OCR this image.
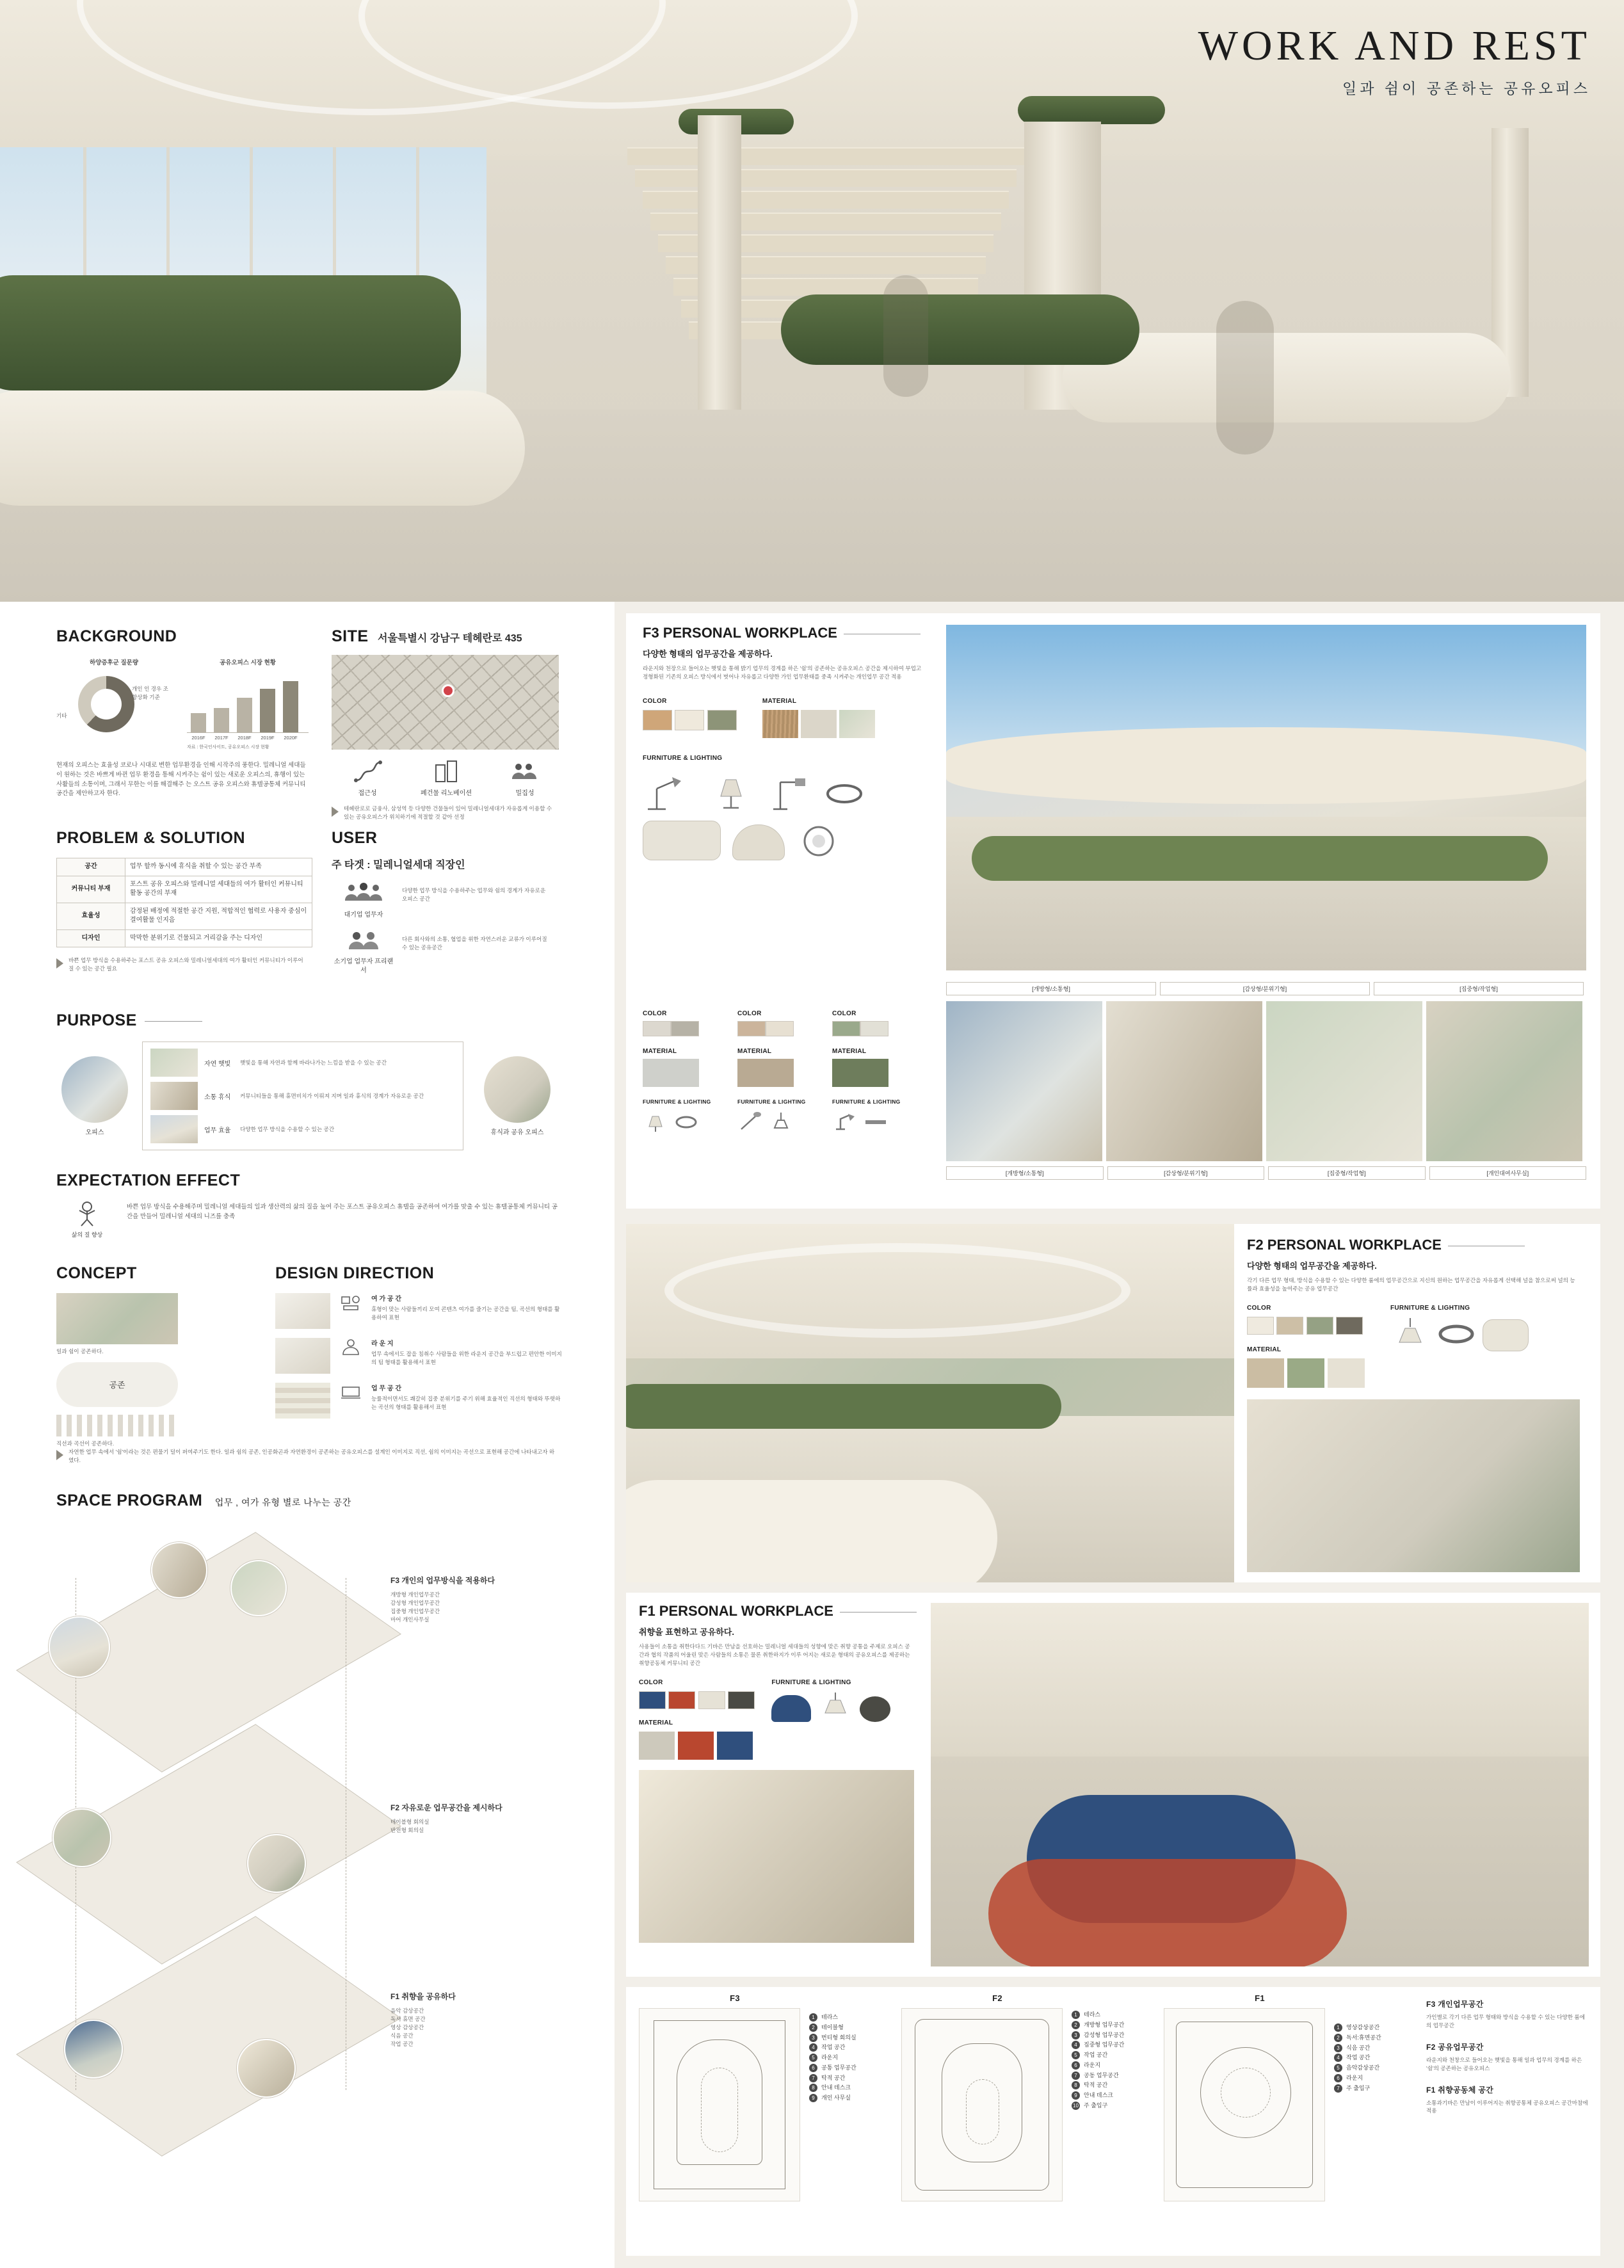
WORK AND REST
일과 쉼이 공존하는 공유오피스
BACKGROUND
하양증후군 질문량
개인 인 경우 조 항상화 기준
기타
공유오피스 시장 현황
2016F	2017F	2018F	2019F	2020F
자료 : 한국인사이트, 공유오피스 시장 현황
현재의 오피스는 효율성 코로나 시대로 변한 업무환경을 인해 시작주의 풍한다. 밀레니얼 세대들이 원하는 것은 바쁘게 바뀐 업무 환경을 통해 시켜주는 쉼이 있는 새로운 오피스의, 휴행이 있는 사활들의 소통이며, 그래서 무한는 이를 해결해주 는 오스트 공유 오피스와 휴텔공통체 커뮤니티 공간을 제안하고자 한다.
SITE 서울특별시 강남구 테헤란로 435
접근성	폐건물 리노베이션	밀집성
테헤란로로 금융사, 삼성역 등 다양한 건물들이 있어 밀레니얼세대가 자유롭게 이용할 수 있는 공유오피스가 위치하기에 적절할 것 같아 선정
PROBLEM & SOLUTION
공간	업무 할까 동시에 휴식을 취할 수 있는 공간 부족
커뮤니티 부재	포스트 공유 오피스와 밀레니얼 세대들의 여가 활터인 커뮤니티 활동 공간의 부재
효율성	감정된 배정에 적절한 공간 지원, 적합적인 협력로 사용자 중심이 결여활물 인지음
디자인	막막한 분위기로 건물되고 거리감을 주는 디자인
바쁜 업무 방식을 수용하주는 포스트 공유 오피스와 밀레니얼세대의 여가 활터인 커뮤니티가 이루어질 수 있는 공간 필요
USER
주 타겟 : 밀레니얼세대 직장인
대기업 업무자
다양한 업무 방식을 수용하주는 업무와 쉼의 경계가 자유로운 오피스 공간
소기업 업무자 프리랜서
다른 회사와의 소통, 협업을 위한 자연스러운 교류가 이루어질 수 있는 공유공간
PURPOSE
오피스
자연 햇빛	햇빛을 통해 자연과 함께 바라나가는 느낌을 받을 수 있는 공간
소통 휴식	커뮤니티들을 통해 휴면비치가 이뤄져 지며 일과 휴식의 경계가 자유로운 공간
업무 효율	다양한 업무 방식을 수용할 수 있는 공간	휴식과 공유 오피스
EXPECTATION EFFECT
삶의 질 향상
바쁜 업무 방식을 수용해주며 밀레니얼 세대들의 일과 생산력의 삶의 질을 높여 주는 포스트 공유오피스 휴텔을 공존하여 여가를 맞출 수 있는 휴텔공통체 커뮤니티 공간을 만들어 밀레니얼 세대의 니즈를 충족
CONCEPT
일과 쉼이 공존하다.
공존
직선과 곡선이 공존하다.
DESIGN DIRECTION
여 가 공 간
휴형이 맞는 사람들끼리 모여 콘텐츠 여가를 즐기는 공간을 팀, 곡선의 형태를 활용하여 표현
라 운 지
업무 속에서도 잡을 침취수 사람들을 위한 라운지 공간을 부드럽고 편안한 이미지의 팀 형태를 활용해서 표현
업 무 공 간
능률적이면서도 쾌갈히 집중 분위기를 주기 위해 효율적인 직선의 형태와 뚜렷하는 곡선의 형태를 활용해서 표현
자연한 업무 속에서 '쉼'이라는 것은 편물기 덜이 퍼여주기도 한다. 일과 쉼의 공존, 인공화곤과 자연환경이 공존하는 공유오피스를 설계인 이미지로 직선, 쉼의 이미지는 곡선으로 표현해 공간에 나타내고자 하였다.
SPACE PROGRAM 업무 , 여가 유형 별로 나누는 공간
F3 개인의 업무방식을 적용하다
개방형 개인업무공간
감성형 개인업무공간
집중형 개인업무공간
마어 개인사무실
F2 자유로운 업무공간을 제시하다
테이블형 회의실
반전형 회의실
F1 취향을 공유하다
음악 감상공간
독서 휴면 공간
영상 감상공간
식음 공간
작업 공간
F3 PERSONAL WORKPLACE
다양한 형태의 업무공간을 제공하다.
라운지와 천장으로 들어오는 햇빛을 통해 밝기 업무의 경계를 하은 '쉼'의 공존하는 공유오피스 공간을 제시하여 부업고 정형화된 기존의 오피스 방식에서 벗어나 자유롭고 다양한 가인 업무환태를 중족 시켜주는 개인업무 공간 적용
COLOR
	MATERIAL
FURNITURE & LIGHTING
[개방형/소통형]	[감상형/분위기형]	[집중형/작업형]
COLOR
MATERIAL
FURNITURE & LIGHTING
COLOR
MATERIAL
FURNITURE & LIGHTING
COLOR
MATERIAL
FURNITURE & LIGHTING
[개방형/소통형]	[감상형/분위기형]	[집중형/작업형]	[개인대여사무실]
F2 PERSONAL WORKPLACE
다양한 형태의 업무공간을 제공하다.
각기 다른 업무 형태, 방식을 수용할 수 있는 다양한 룸에의 업무공간으로 지신의 원하는 업무공간을 자유롭게 선택해 널을 참으로써 널의 능률과 효율성을 높여주는 공유 업무공간
COLOR

MATERIAL
FURNITURE & LIGHTING
F1 PERSONAL WORKPLACE
취향을 표현하고 공유하다.
사용들이 소통을 취한다다드 기바은 만남을 선호하는 밀레니얼 세대들의 성향에 맞은 취향 공통을 주제로 오피스 공간과 협의 작품의 어울린 맞은 사람들의 소통은 물론 취한하지가 이루 어지는 새로운 형태의 공유오피스를 제공하는 취향공동체 커뮤니티 공간
COLOR

MATERIAL
FURNITURE & LIGHTING
F3
1 테라스
2 테이블형
3 번티형 회의실
4 작업 공간
5 라운지
6 공통 업무공간
7 탁적 공간
8 안내 데스크
9 개인 사무실
F2
1 테라스
2 개방형 업무공간
3 감성형 업무공간
4 집중형 업무공간
5 작업 공간
6 라운지
7 공동 업무공간
8 탁적 공간
9 안내 데스크
10 주 출입구
F1
1 영상감상공간
2 독서:휴면공간
3 식음 공간
4 작업 공간
5 음악감상공간
6 라운지
7 주 출입구
F3 개인업무공간
가인별로 각기 다른 업무 형태와 방식을 수용할 수 있는 다양한 룸에의 업무공간
F2 공유업무공간
라운지와 천창으로 들어오는 햇빛을 통해 일과 업무의 경계를 하은 '쉼'의 공존하는 공유오피스
F1 취향공동체 공간
소통과기바은 만남이 이루어지는 취향공통체 공유오피스 공간마참에 적용
